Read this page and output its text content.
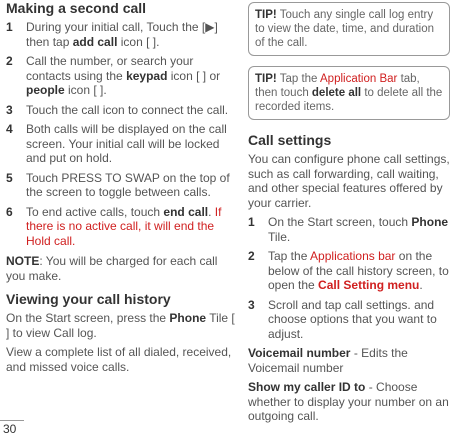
Making a second call
1 During your initial call, Touch the [▶] then tap add call icon [ ].
2 Call the number, or search your contacts using the keypad icon [ ] or people icon [ ].
3 Touch the call icon to connect the call.
4 Both calls will be displayed on the call screen. Your initial call will be locked and put on hold.
5 Touch PRESS TO SWAP on the top of the screen to toggle between calls.
6 To end active calls, touch end call. If there is no active call, it will end the Hold call.

NOTE: You will be charged for each call you make.

Viewing your call history

On the Start screen, press the Phone Tile [ ] to view Call log.

View a complete list of all dialed, received, and missed voice calls.

TIP! Touch any single call log entry to view the date, time, and duration of the call.
TIP! Tap the Application Bar tab, then touch delete all to delete all the recorded items.
Call settings

You can configure phone call settings, such as call forwarding, call waiting, and other special features offered by your carrier.

1 On the Start screen, touch Phone Tile.
2 Tap the Applications bar on the below of the call history screen, to open the Call Setting menu.
3 Scroll and tap call settings. and choose options that you want to adjust.

Voicemail number - Edits the Voicemail number

Show my caller ID to - Choose whether to display your number on an outgoing call.

30
